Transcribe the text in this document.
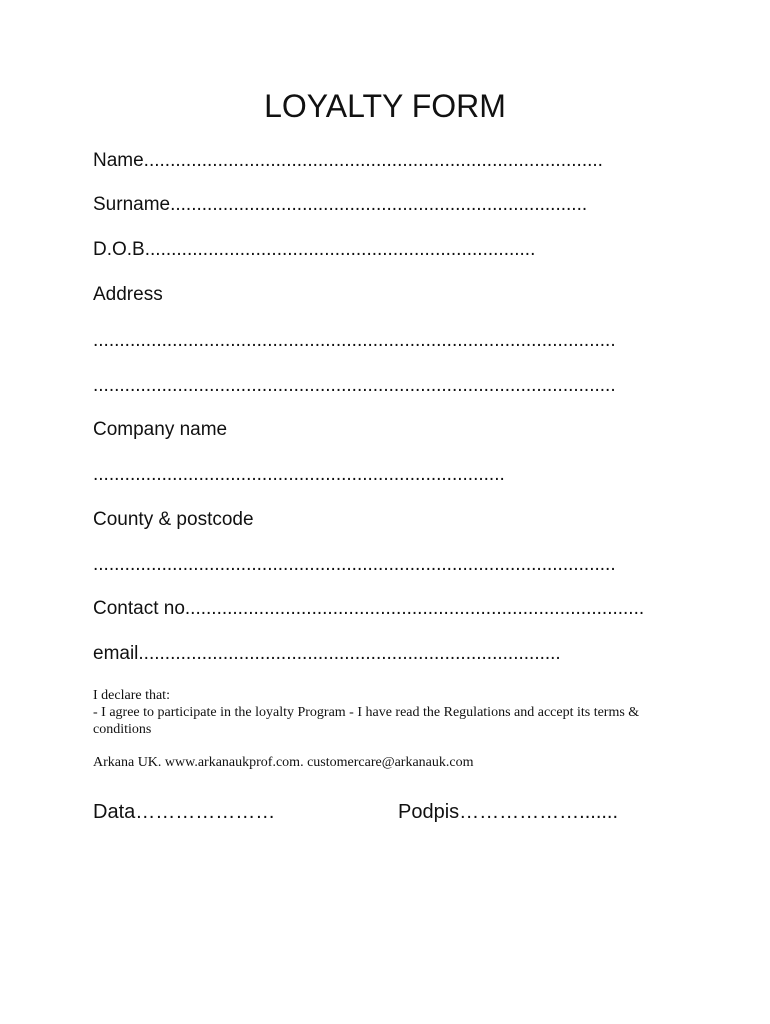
LOYALTY FORM
Name.......................................................................................
Surname...............................................................................
D.O.B..........................................................................
Address
...................................................................................................
...................................................................................................
Company name
..............................................................................
County & postcode
...................................................................................................
Contact no.......................................................................................
email................................................................................

I declare that:

- I agree to participate in the loyalty Program - I have read the Regulations and accept its terms & conditions

Arkana UK. www.arkanaukprof.com. customercare@arkanauk.com
Data…………………	Podpis……………….......
